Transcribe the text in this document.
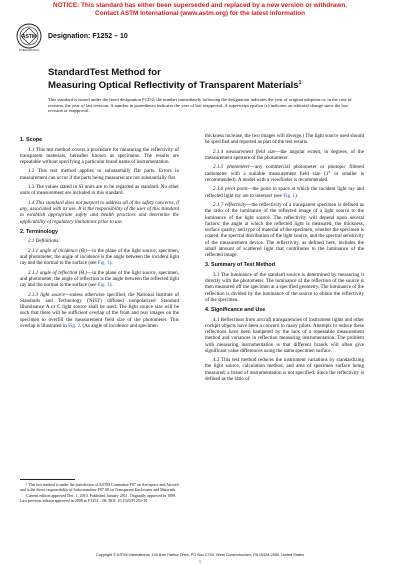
NOTICE: This standard has either been superseded and replaced by a new version or withdrawn.
Contact ASTM International (www.astm.org) for the latest information
ASTM
INTERNATIONAL
Designation: F1252 – 10
StandardTest Method for
Measuring Optical Reflectivity of Transparent Materials$^1$
This standard is issued under the fixed designation F1252; the number immediately following the designation indicates the year of original adoption or, in the case of revision, the year of last revision. A number in parentheses indicates the year of last reapproval. A superscript epsilon (ε) indicates an editorial change since the last revision or reapproval.
1. Scope

1.1 This test method covers a procedure for measuring the reflectivity of transparent materials, hereafter known as specimens. The results are repeatable without specifying a particular brand name of instrumentation.

1.2 This test method applies to substantially flat parts. Errors in measurement can occur if the parts being measured are not substantially flat.

1.3 The values stated in SI units are to be regarded as standard. No other units of measurement are included in this standard.

1.4 This standard does not purport to address all of the safety concerns, if any, associated with its use. It is the responsibility of the user of this standard to establish appropriate safety and health practices and determine the applicability of regulatory limitations prior to use.

2. Terminology

2.1 Definitions:

2.1.1 angle of incidence (Θᵢ)—in the plane of the light source, specimen, and photometer, the angle of incidence is the angle between the incident light ray and the normal to the surface (see Fig. 1).

2.1.2 angle of reflection (Θᵣ)—in the plane of the light source, specimen, and photometer, the angle of reflection is the angle between the reflected light ray and the normal to the surface (see Fig. 1).

2.1.3 light source—unless otherwise specified, the National Institute of Standards and Technology (NIST) diffused nonpolarized Standard Illuminance A or C light source shall be used. The light source size will be such that there will be sufficient overlap of the front and rear images on the specimen to overfill the measurement field size of the photometer. This overlap is illustrated in Fig. 2. (As angle of incidence and specimen

¹ This test method is under the jurisdiction of ASTM Committee F07 on Aerospace and Aircraft and is the direct responsibility of Subcommittee F07.08 on Transparent Enclosures and Materials.

Current edition approved Dec. 1, 2010. Published January 2011. Originally approved in 1989. Last previous edition approved in 2008 as F1252 – 08. DOI: 10.1520/F1252-10.

thickness increase, the two images will diverge.) The light source used should be specified and reported as part of the test results.

2.1.4 measurement field size—the angular extent, in degrees, of the measurement aperture of the photometer.

2.1.5 photometer—any commercial photometer or photopic filtered radiometer with a suitable measurement field size (1° or smaller is recommended). A model with a viewfinder is recommended.

2.1.6 pivot point—the point in space at which the incident light ray and reflected light ray are to intersect (see Fig. 1).

2.1.7 reflectivity—the reflectivity of a transparent specimen is defined as the ratio of the luminance of the reflected image of a light source to the luminance of the light source. The reflectivity will depend upon several factors: the angle at which the reflected light is measured, the thickness, surface quality, and type of material of the specimen, whether the specimen is coated, the spectral distribution of the light source, and the spectral sensitivity of the measurement device. The reflectivity, as defined here, includes the small amount of scattered light that contributes to the luminance of the reflected image.

3. Summary of Test Method

3.1 The luminance of the standard source is determined by measuring it directly with the photometer. The luminance of the reflection of the source is then measured off the specimen at a specified geometry. The luminance of the reflection is divided by the luminance of the source to obtain the reflectivity of the specimen.

4. Significance and Use

4.1 Reflections from aircraft transparencies of instrument lights and other cockpit objects have been a concern to many pilots. Attempts to reduce these reflections have been hampered by the lack of a repeatable measurement method and variances in reflection measuring instrumentation. The problem with measuring instrumentation is that different brands will often give significant value differences using the same specimen surface.

4.2 This test method reduces the instrument variations by standardizing the light source, calculation method, and area of specimen surface being measured; a brand of instrumentation is not specified. Since the reflectivity is defined as the ratio of

Copyright © ASTM International, 100 Barr Harbor Drive, PO Box C700, West Conshohocken, PA 19428-2959. United States
1
